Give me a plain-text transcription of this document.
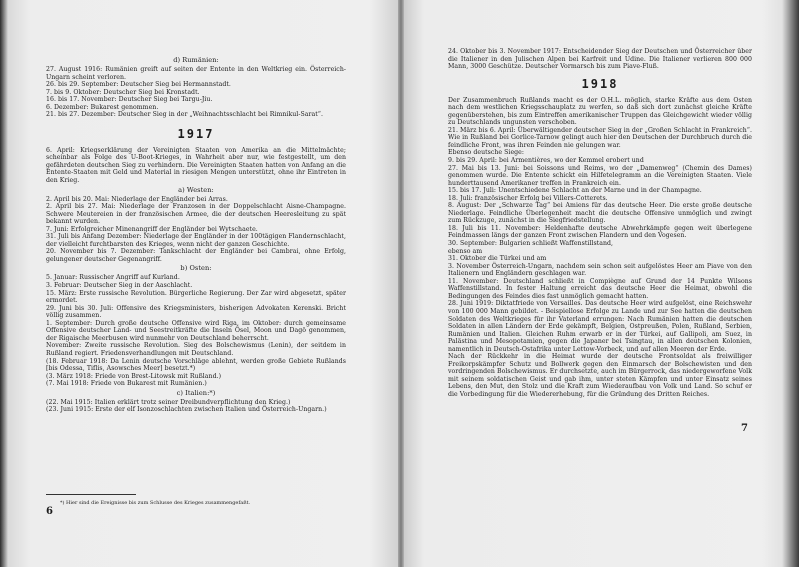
d) Rumänien:
27. August 1916: Rumänien greift auf seiten der Entente in den Weltkrieg ein. Österreich-Ungarn scheint verloren.
26. bis 29. September: Deutscher Sieg bei Hermannstadt.
7. bis 9. Oktober: Deutscher Sieg bei Kronstadt.
16. bis 17. November: Deutscher Sieg bei Targu-Jiu.
6. Dezember: Bukarest genommen.
21. bis 27. Dezember: Deutscher Sieg in der „Weihnachtsschlacht bei Rimnikul-Sarat“.
1917
6. April: Kriegserklärung der Vereinigten Staaten von Amerika an die Mittelmächte; scheinbar als Folge des U-Boot-Krieges, in Wahrheit aber nur, wie festgestellt, um den gefährdeten deutschen Sieg zu verhindern. Die Vereinigten Staaten hatten von Anfang an die Entente-Staaten mit Geld und Material in riesigen Mengen unterstützt, ohne ihr Eintreten in den Krieg.
a) Westen:
2. April bis 20. Mai: Niederlage der Engländer bei Arras.
2. April bis 27. Mai: Niederlage der Franzosen in der Doppelschlacht Aisne-Champagne. Schwere Meutereien in der französischen Armee, die der deutschen Heeresleitung zu spät bekannt wurden.
7. Juni: Erfolgreicher Minenangriff der Engländer bei Wytschaete.
31. Juli bis Anfang Dezember: Niederlage der Engländer in der 100tägigen Flandernschlacht, der vielleicht furchtbarsten des Krieges, wenn nicht der ganzen Geschichte.
20. November bis 7. Dezember: Tankschlacht der Engländer bei Cambrai, ohne Erfolg, gelungener deutscher Gegenangriff.
b) Osten:
5. Januar: Russischer Angriff auf Kurland.
3. Februar: Deutscher Sieg in der Aaschlacht.
15. März: Erste russische Revolution. Bürgerliche Regierung. Der Zar wird abgesetzt, später ermordet.
29. Juni bis 30. Juli: Offensive des Kriegsministers, bisherigen Advokaten Kerenski. Bricht völlig zusammen.
1. September: Durch große deutsche Offensive wird Riga, im Oktober: durch gemeinsame Offensive deutscher Land- und Seestreitkräfte die Inseln Ösel, Moon und Dagö genommen, der Rigaische Meerbusen wird nunmehr von Deutschland beherrscht.
November: Zweite russische Revolution. Sieg des Bolschewismus (Lenin), der seitdem in Rußland regiert. Friedensverhandlungen mit Deutschland.
(18. Februar 1918: Da Lenin deutsche Vorschläge ablehnt, werden große Gebiete Rußlands [bis Odessa, Tiflis, Asowsches Meer] besetzt.*)
(3. März 1918: Friede von Brest-Litowsk mit Rußland.)
(7. Mai 1918: Friede von Bukarest mit Rumänien.)
c) Italien:*)
(22. Mai 1915: Italien erklärt trotz seiner Dreibundverpflichtung den Krieg.)
(23. Juni 1915: Erste der elf Isonzoschlachten zwischen Italien und Österreich-Ungarn.)
*) Hier sind die Ereignisse bis zum Schlusse des Krieges zusammengefaßt.
6
24. Oktober bis 3. November 1917: Entscheidender Sieg der Deutschen und Österreicher über die Italiener in den Julischen Alpen bei Karfreit und Udine. Die Italiener verlieren 800 000 Mann, 3000 Geschütze. Deutscher Vormarsch bis zum Piave-Fluß.
1918
Der Zusammenbruch Rußlands macht es der O.H.L. möglich, starke Kräfte aus dem Osten nach dem westlichen Kriegsschauplatz zu werfen, so daß sich dort zunächst gleiche Kräfte gegenüberstehen, bis zum Eintreffen amerikanischer Truppen das Gleichgewicht wieder völlig zu Deutschlands ungunsten verschoben.
21. März bis 6. April: Überwältigender deutscher Sieg in der „Großen Schlacht in Frankreich“. Wie in Rußland bei Gorlice-Tarnow gelingt auch hier den Deutschen der Durchbruch durch die feindliche Front, was ihren Feinden nie gelungen war.
Ebenso deutsche Siege:
9. bis 29. April: bei Armentières, wo der Kemmel erobert und
27. Mai bis 13. Juni: bei Soissons und Reims, wo der „Damenweg“ (Chemin des Dames) genommen wurde. Die Entente schickt ein Hilfetelegramm an die Vereinigten Staaten. Viele hunderttausend Amerikaner treffen in Frankreich ein.
15. bis 17. Juli: Unentschiedene Schlacht an der Marne und in der Champagne.
18. Juli: französischer Erfolg bei Villers-Cotterets.
8. August: Der „Schwarze Tag“ bei Amiens für das deutsche Heer. Die erste große deutsche Niederlage. Feindliche Überlegenheit macht die deutsche Offensive unmöglich und zwingt zum Rückzuge, zunächst in die Siegfriedstellung.
18. Juli bis 11. November: Heldenhafte deutsche Abwehrkämpfe gegen weit überlegene Feindmassen längs der ganzen Front zwischen Flandern und den Vogesen.
30. September: Bulgarien schließt Waffenstillstand,
ebenso am
31. Oktober die Türkei und am
3. November Österreich-Ungarn, nachdem sein schon seit aufgelöstes Heer am Piave von den Italienern und Engländern geschlagen war.
11. November: Deutschland schließt in Compiègne auf Grund der 14 Punkte Wilsons Waffenstillstand. In fester Haltung erreicht das deutsche Heer die Heimat, obwohl die Bedingungen des Feindes dies fast unmöglich gemacht hatten.
28. Juni 1919: Diktatfriede von Versailles. Das deutsche Heer wird aufgelöst, eine Reichswehr von 100 000 Mann gebildet. - Beispiellose Erfolge zu Lande und zur See hatten die deutschen Soldaten des Weltkrieges für ihr Vaterland errungen: Nach Rumänien hatten die deutschen Soldaten in allen Ländern der Erde gekämpft, Belgien, Ostpreußen, Polen, Rußland, Serbien, Rumänien und Italien. Gleichen Ruhm erwarb er in der Türkei, auf Gallipoli, am Suez, in Palästina und Mesopotamien, gegen die Japaner bei Tsingtau, in allen deutschen Kolonien, namentlich in Deutsch-Ostafrika unter Lettow-Vorbeck, und auf allen Meeren der Erde.
Nach der Rückkehr in die Heimat wurde der deutsche Frontsoldat als freiwilliger Freikorpskämpfer Schutz und Bollwerk gegen den Einmarsch der Bolschewisten und den vordringenden Bolschewismus. Er durchsetzte, auch im Bürgerrock, das niedergeworfene Volk mit seinem soldatischen Geist und gab ihm, unter steten Kämpfen und unter Einsatz seines Lebens, den Mut, den Stolz und die Kraft zum Wiederaufbau von Volk und Land. So schuf er die Vorbedingung für die Wiedererhebung, für die Gründung des Dritten Reiches.
7
